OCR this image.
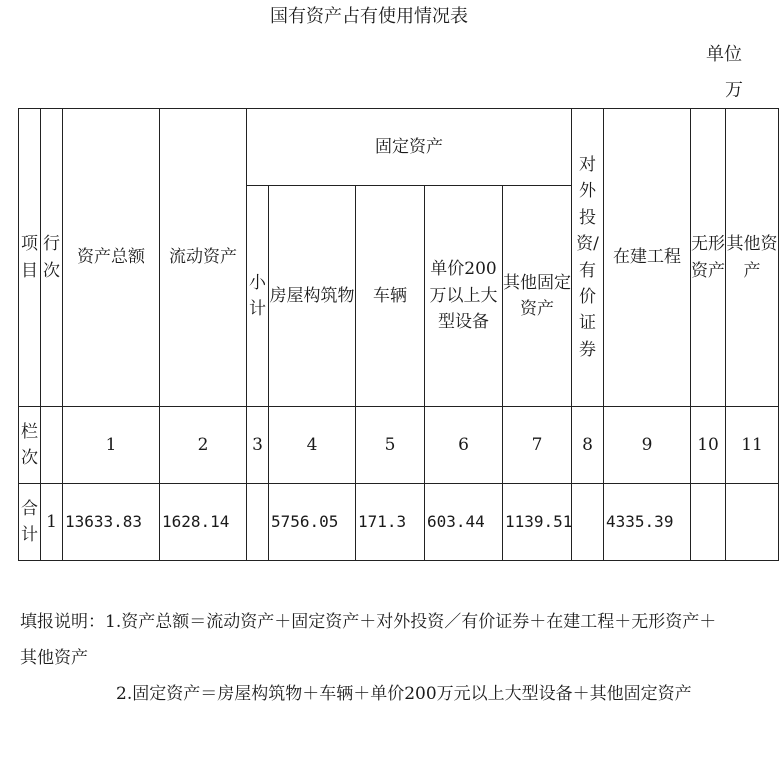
国有资产占有使用情况表
单位
万
项目	行次	资产总额	流动资产	固定资产					对外投资/有价证券	在建工程	无形资产	其他资产
				小计	房屋构筑物	车辆	单价200万以上大型设备	其他固定资产				
栏次		1	2	3	4	5	6	7	8	9	10	11
合计	1	13633.83	1628.14		5756.05	171.3	603.44	1139.51		4335.39		
填报说明：1.资产总额＝流动资产＋固定资产＋对外投资／有价证券＋在建工程＋无形资产＋其他资产
2.固定资产＝房屋构筑物＋车辆＋单价200万元以上大型设备＋其他固定资产
